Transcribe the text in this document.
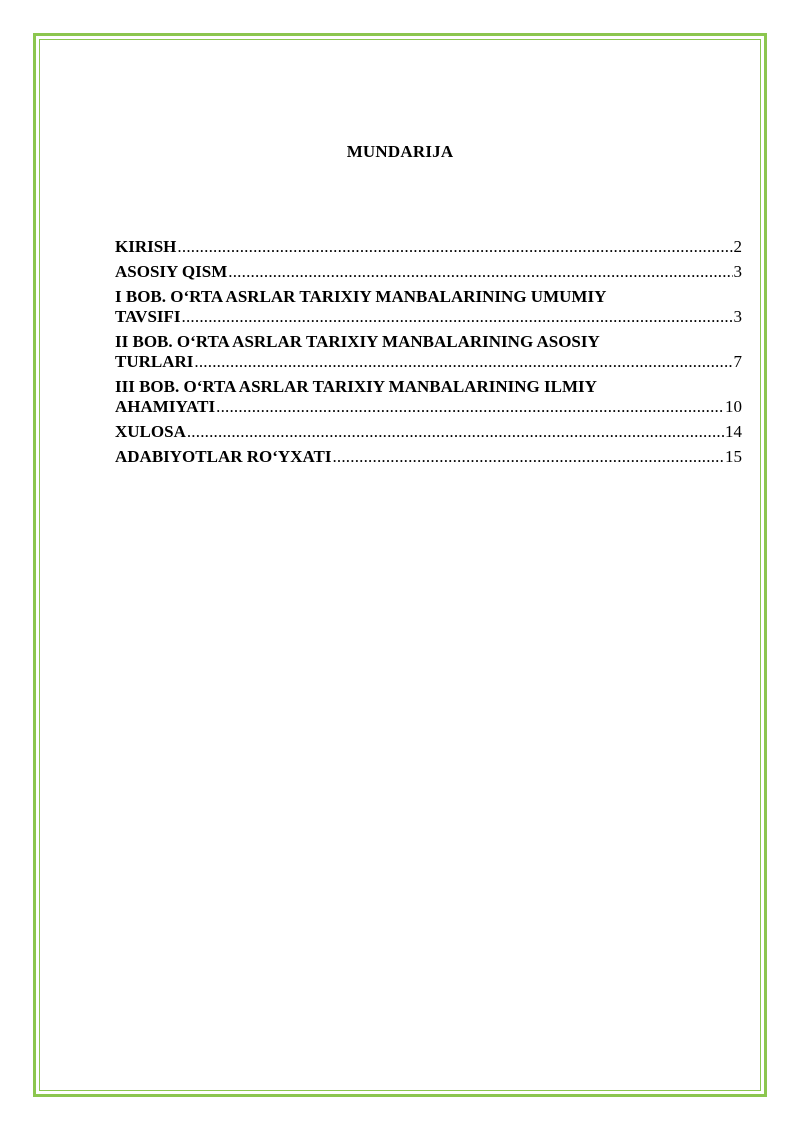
MUNDARIJA
KIRISH .....	2
ASOSIY QISM .....	3
I BOB. O‘RTA ASRLAR TARIXIY MANBALARINING UMUMIY
TAVSIFI .....	3
II BOB. O‘RTA ASRLAR TARIXIY MANBALARINING ASOSIY
TURLARI .....	7
III BOB. O‘RTA ASRLAR TARIXIY MANBALARINING ILMIY
AHAMIYATI .....	10
XULOSA .....	14
ADABIYOTLAR RO‘YXATI .....	15
